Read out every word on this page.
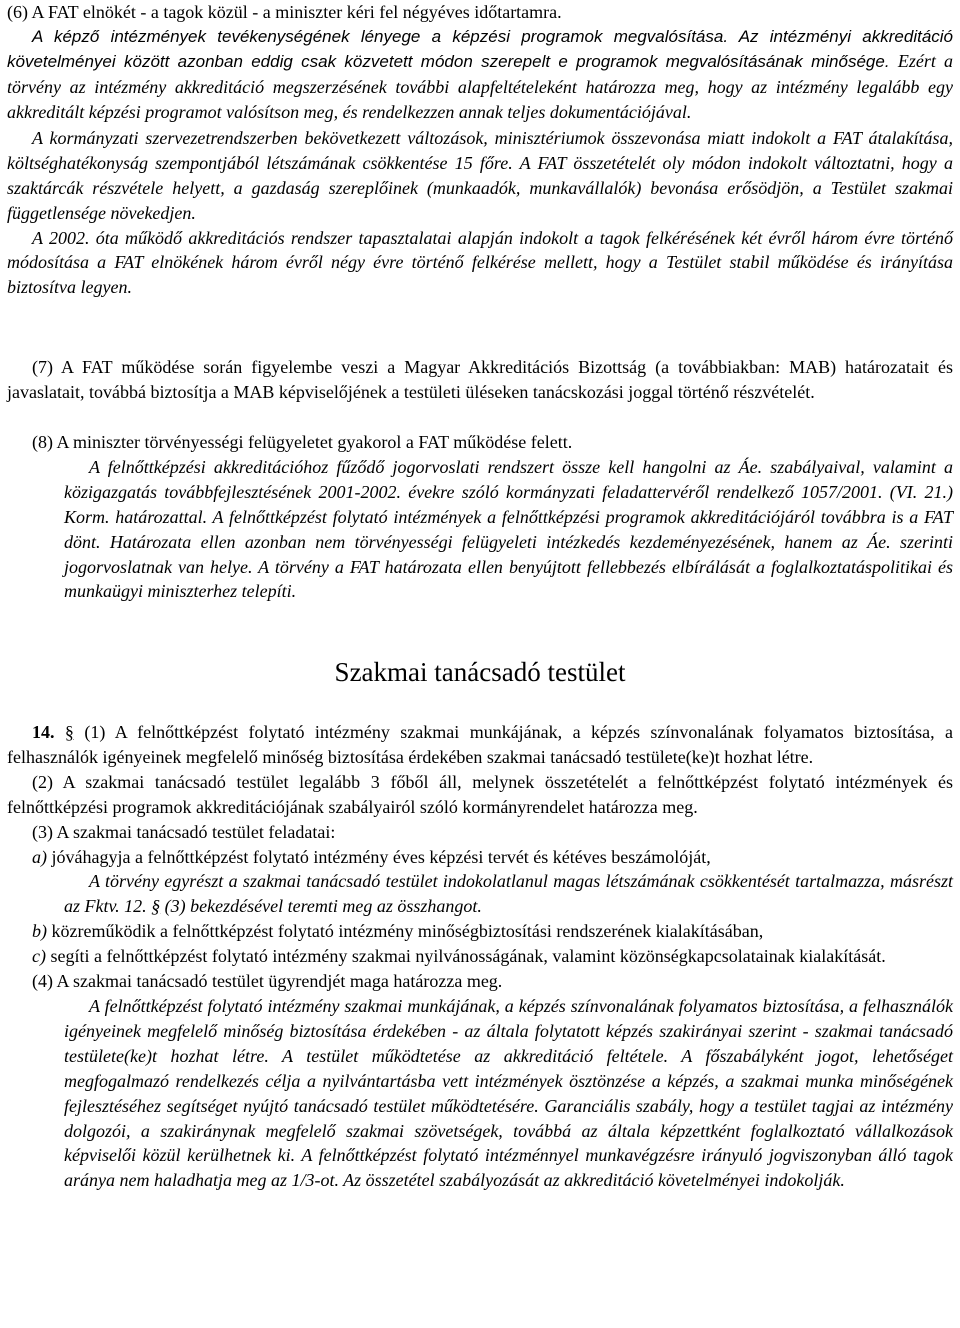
(6) A FAT elnökét - a tagok közül - a miniszter kéri fel négyéves időtartamra.

A képző intézmények tevékenységének lényege a képzési programok megvalósítása. Az intézményi akkreditáció követelményei között azonban eddig csak közvetett módon szerepelt e programok megvalósításának minősége. Ezért a törvény az intézmény akkreditáció megszerzésének további alapfeltételeként határozza meg, hogy az intézmény legalább egy akkreditált képzési programot valósítson meg, és rendelkezzen annak teljes dokumentációjával.

A kormányzati szervezetrendszerben bekövetkezett változások, minisztériumok összevonása miatt indokolt a FAT átalakítása, költséghatékonyság szempontjából létszámának csökkentése 15 főre. A FAT összetételét oly módon indokolt változtatni, hogy a szaktárcák részvétele helyett, a gazdaság szereplőinek (munkaadók, munkavállalók) bevonása erősödjön, a Testület szakmai függetlensége növekedjen.

A 2002. óta működő akkreditációs rendszer tapasztalatai alapján indokolt a tagok felkérésének két évről három évre történő módosítása a FAT elnökének három évről négy évre történő felkérése mellett, hogy a Testület stabil működése és irányítása biztosítva legyen.

(7) A FAT működése során figyelembe veszi a Magyar Akkreditációs Bizottság (a továbbiakban: MAB) határozatait és javaslatait, továbbá biztosítja a MAB képviselőjének a testületi üléseken tanácskozási joggal történő részvételét.

(8) A miniszter törvényességi felügyeletet gyakorol a FAT működése felett.

A felnőttképzési akkreditációhoz fűződő jogorvoslati rendszert össze kell hangolni az Áe. szabályaival, valamint a közigazgatás továbbfejlesztésének 2001-2002. évekre szóló kormányzati feladattervéről rendelkező 1057/2001. (VI. 21.) Korm. határozattal. A felnőttképzést folytató intézmények a felnőttképzési programok akkreditációjáról továbbra is a FAT dönt. Határozata ellen azonban nem törvényességi felügyeleti intézkedés kezdeményezésének, hanem az Áe. szerinti jogorvoslatnak van helye. A törvény a FAT határozata ellen benyújtott fellebbezés elbírálását a foglalkoztatáspolitikai és munkaügyi miniszterhez telepíti.

Szakmai tanácsadó testület

14. § (1) A felnőttképzést folytató intézmény szakmai munkájának, a képzés színvonalának folyamatos biztosítása, a felhasználók igényeinek megfelelő minőség biztosítása érdekében szakmai tanácsadó testülete(ke)t hozhat létre.

(2) A szakmai tanácsadó testület legalább 3 főből áll, melynek összetételét a felnőttképzést folytató intézmények és felnőttképzési programok akkreditációjának szabályairól szóló kormányrendelet határozza meg.

(3) A szakmai tanácsadó testület feladatai:

a) jóváhagyja a felnőttképzést folytató intézmény éves képzési tervét és kétéves beszámolóját,

A törvény egyrészt a szakmai tanácsadó testület indokolatlanul magas létszámának csökkentését tartalmazza, másrészt az Fktv. 12. § (3) bekezdésével teremti meg az összhangot.

b) közreműködik a felnőttképzést folytató intézmény minőségbiztosítási rendszerének kialakításában,

c) segíti a felnőttképzést folytató intézmény szakmai nyilvánosságának, valamint közönségkapcsolatainak kialakítását.

(4) A szakmai tanácsadó testület ügyrendjét maga határozza meg.

A felnőttképzést folytató intézmény szakmai munkájának, a képzés színvonalának folyamatos biztosítása, a felhasználók igényeinek megfelelő minőség biztosítása érdekében - az általa folytatott képzés szakirányai szerint - szakmai tanácsadó testülete(ke)t hozhat létre. A testület működtetése az akkreditáció feltétele. A főszabályként jogot, lehetőséget megfogalmazó rendelkezés célja a nyilvántartásba vett intézmények ösztönzése a képzés, a szakmai munka minőségének fejlesztéséhez segítséget nyújtó tanácsadó testület működtetésére. Garanciális szabály, hogy a testület tagjai az intézmény dolgozói, a szakiránynak megfelelő szakmai szövetségek, továbbá az általa képzettként foglalkoztató vállalkozások képviselői közül kerülhetnek ki. A felnőttképzést folytató intézménnyel munkavégzésre irányuló jogviszonyban álló tagok aránya nem haladhatja meg az 1/3-ot. Az összetétel szabályozását az akkreditáció követelményei indokolják.
